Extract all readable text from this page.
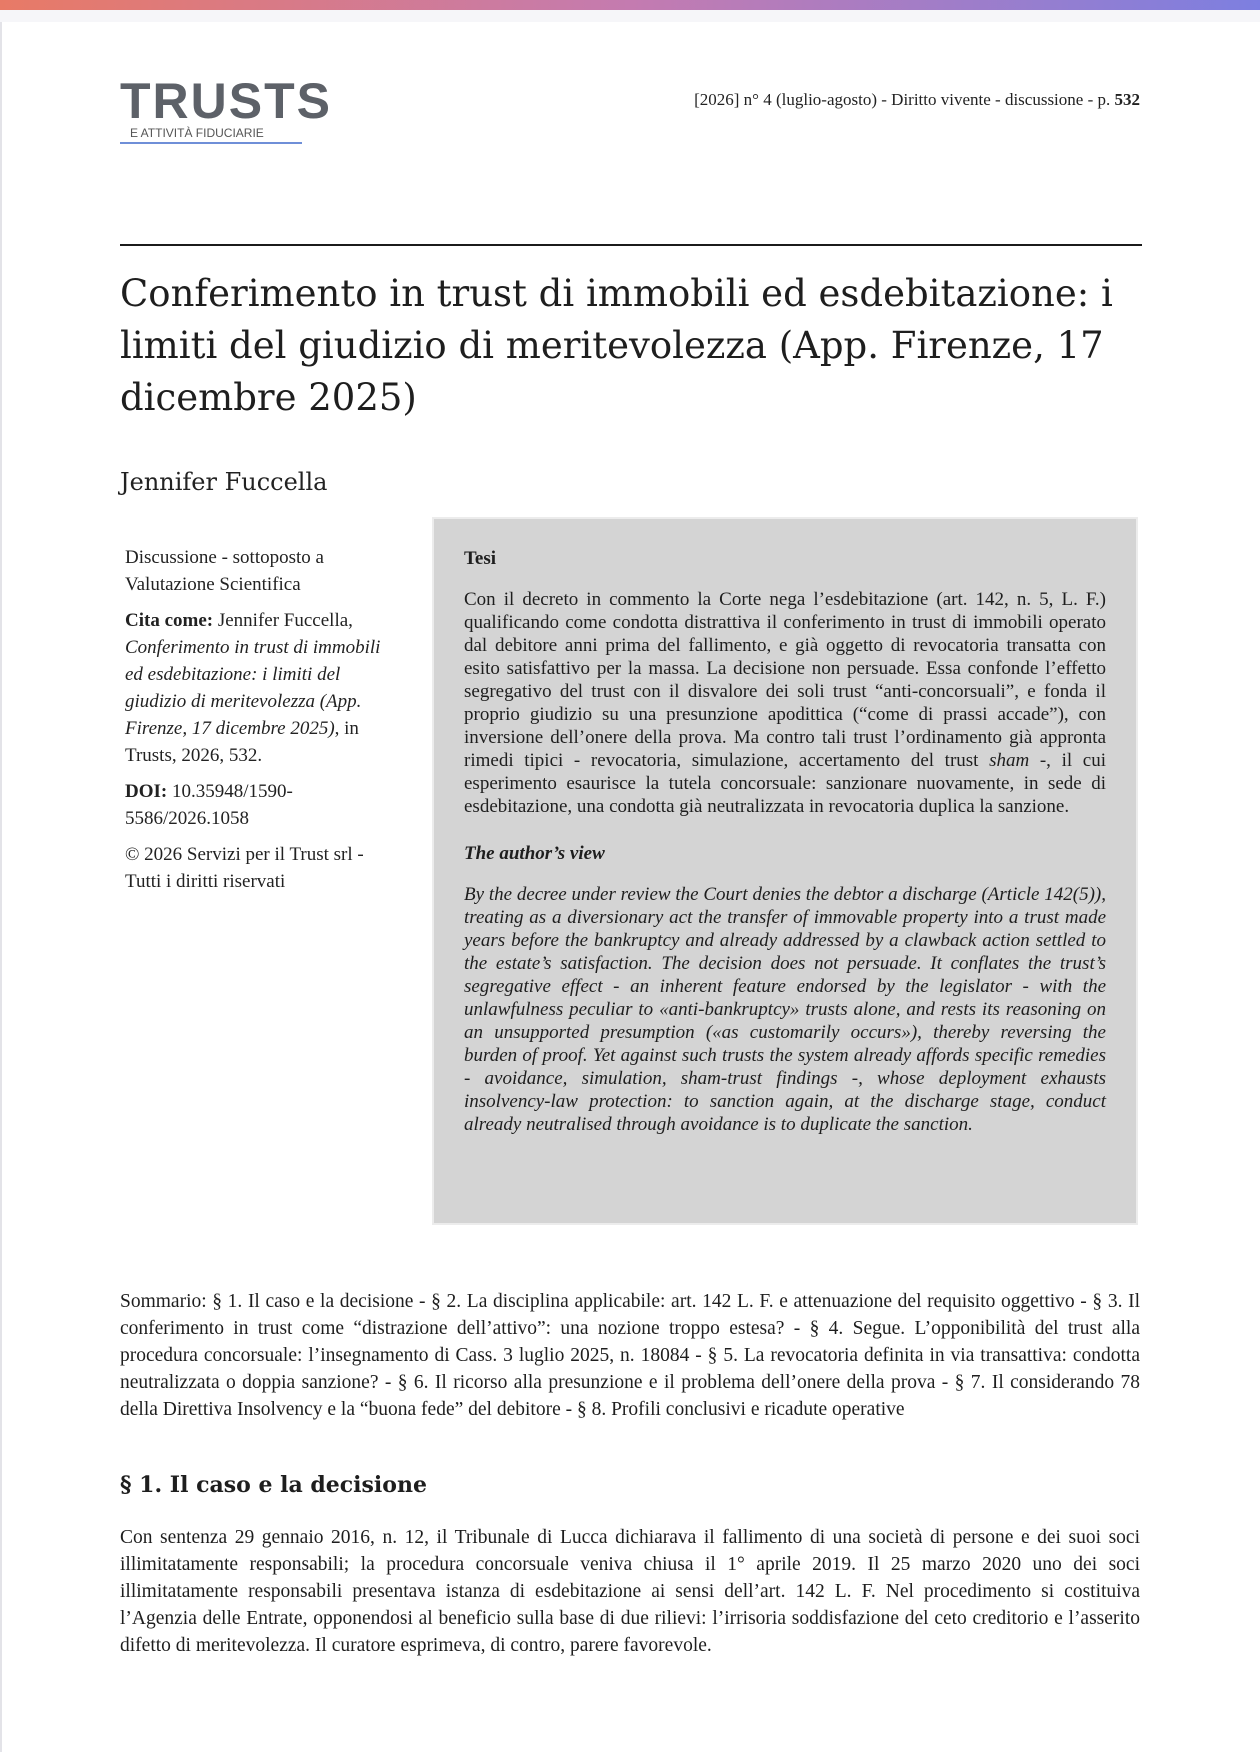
TRUSTS
E ATTIVITÀ FIDUCIARIE
[2026] n° 4 (luglio-agosto) - Diritto vivente - discussione - p. 532
Conferimento in trust di immobili ed esdebitazione: i limiti del giudizio di meritevolezza (App. Firenze, 17 dicembre 2025)
Jennifer Fuccella

Discussione - sottoposto a Valutazione Scientifica

Cita come: Jennifer Fuccella, Conferimento in trust di immobili ed esdebitazione: i limiti del giudizio di meritevolezza (App. Firenze, 17 dicembre 2025), in Trusts, 2026, 532.

DOI: 10.35948/1590-5586/2026.1058

© 2026 Servizi per il Trust srl - Tutti i diritti riservati

Tesi

Con il decreto in commento la Corte nega l’esdebitazione (art. 142, n. 5, L. F.) qualificando come condotta distrattiva il conferimento in trust di immobili operato dal debitore anni prima del fallimento, e già oggetto di revocatoria transatta con esito satisfattivo per la massa. La decisione non persuade. Essa confonde l’effetto segregativo del trust con il disvalore dei soli trust “anti-concorsuali”, e fonda il proprio giudizio su una presunzione apodittica (“come di prassi accade”), con inversione dell’onere della prova. Ma contro tali trust l’ordinamento già appronta rimedi tipici - revocatoria, simulazione, accertamento del trust sham -, il cui esperimento esaurisce la tutela concorsuale: sanzionare nuovamente, in sede di esdebitazione, una condotta già neutralizzata in revocatoria duplica la sanzione.

The author’s view

By the decree under review the Court denies the debtor a discharge (Article 142(5)), treating as a diversionary act the transfer of immovable property into a trust made years before the bankruptcy and already addressed by a clawback action settled to the estate’s satisfaction. The decision does not persuade. It conflates the trust’s segregative effect - an inherent feature endorsed by the legislator - with the unlawfulness peculiar to «anti-bankruptcy» trusts alone, and rests its reasoning on an unsupported presumption («as customarily occurs»), thereby reversing the burden of proof. Yet against such trusts the system already affords specific remedies - avoidance, simulation, sham-trust findings -, whose deployment exhausts insolvency-law protection: to sanction again, at the discharge stage, conduct already neutralised through avoidance is to duplicate the sanction.

Sommario: § 1. Il caso e la decisione - § 2. La disciplina applicabile: art. 142 L. F. e attenuazione del requisito oggettivo - § 3. Il conferimento in trust come “distrazione dell’attivo”: una nozione troppo estesa? - § 4. Segue. L’opponibilità del trust alla procedura concorsuale: l’insegnamento di Cass. 3 luglio 2025, n. 18084 - § 5. La revocatoria definita in via transattiva: condotta neutralizzata o doppia sanzione? - § 6. Il ricorso alla presunzione e il problema dell’onere della prova - § 7. Il considerando 78 della Direttiva Insolvency e la “buona fede” del debitore - § 8. Profili conclusivi e ricadute operative
§ 1. Il caso e la decisione
Con sentenza 29 gennaio 2016, n. 12, il Tribunale di Lucca dichiarava il fallimento di una società di persone e dei suoi soci illimitatamente responsabili; la procedura concorsuale veniva chiusa il 1° aprile 2019. Il 25 marzo 2020 uno dei soci illimitatamente responsabili presentava istanza di esdebitazione ai sensi dell’art. 142 L. F. Nel procedimento si costituiva l’Agenzia delle Entrate, opponendosi al beneficio sulla base di due rilievi: l’irrisoria soddisfazione del ceto creditorio e l’asserito difetto di meritevolezza. Il curatore esprimeva, di contro, parere favorevole.
